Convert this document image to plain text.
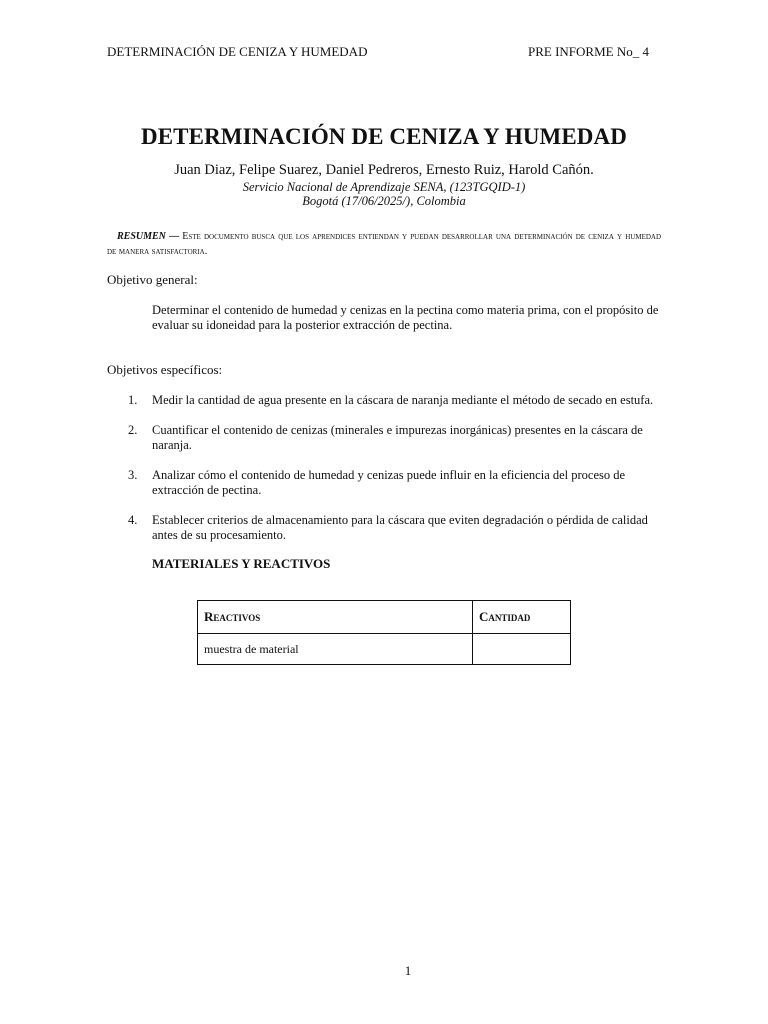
DETERMINACIÓN DE CENIZA Y HUMEDAD	PRE INFORME No_ 4
DETERMINACIÓN DE CENIZA Y HUMEDAD
Juan Diaz, Felipe Suarez, Daniel Pedreros, Ernesto Ruiz, Harold Cañón.
Servicio Nacional de Aprendizaje SENA, (123TGQID-1)
Bogotá (17/06/2025/), Colombia
RESUMEN — Este documento busca que los aprendices entiendan y puedan desarrollar una determinación de ceniza y humedad de manera satisfactoria.
Objetivo general:
Determinar el contenido de humedad y cenizas en la pectina como materia prima, con el propósito de evaluar su idoneidad para la posterior extracción de pectina.
Objetivos específicos:
1. Medir la cantidad de agua presente en la cáscara de naranja mediante el método de secado en estufa.
2. Cuantificar el contenido de cenizas (minerales e impurezas inorgánicas) presentes en la cáscara de naranja.
3. Analizar cómo el contenido de humedad y cenizas puede influir en la eficiencia del proceso de extracción de pectina.
4. Establecer criterios de almacenamiento para la cáscara que eviten degradación o pérdida de calidad antes de su procesamiento.
MATERIALES Y REACTIVOS
Reactivos	Cantidad
muestra de material	
1
